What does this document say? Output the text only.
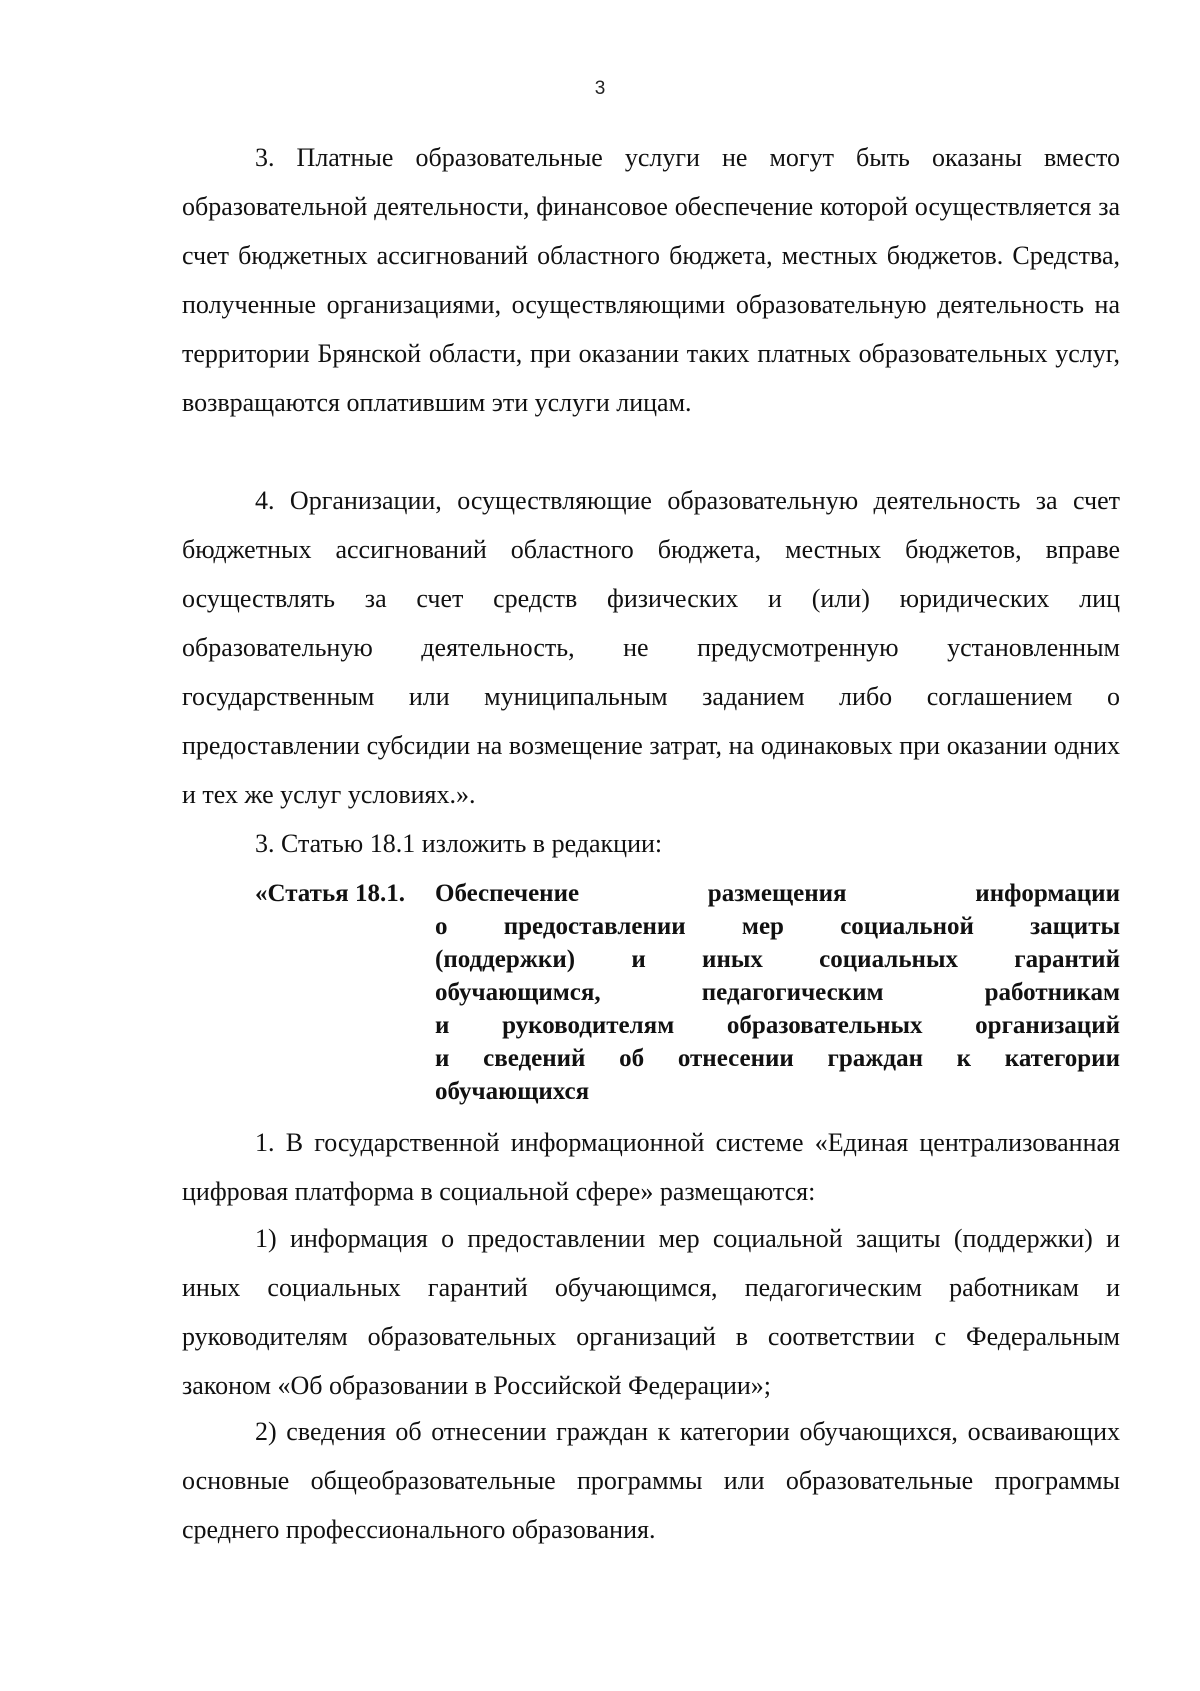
3

3. Платные образовательные услуги не могут быть оказаны вместо образовательной деятельности, финансовое обеспечение которой осуществляется за счет бюджетных ассигнований областного бюджета, местных бюджетов. Средства, полученные организациями, осуществляющими образовательную деятельность на территории Брянской области, при оказании таких платных образовательных услуг, возвращаются оплатившим эти услуги лицам.

4. Организации, осуществляющие образовательную деятельность за счет бюджетных ассигнований областного бюджета, местных бюджетов, вправе осуществлять за счет средств физических и (или) юридических лиц образовательную деятельность, не предусмотренную установленным государственным или муниципальным заданием либо соглашением о предоставлении субсидии на возмещение затрат, на одинаковых при оказании одних и тех же услуг условиях.».

3. Статью 18.1 изложить в редакции:

«Статья 18.1.	Обеспечение размещения информации
о предоставлении мер социальной защиты
(поддержки) и иных социальных гарантий
обучающимся, педагогическим работникам
и руководителям образовательных организаций
и сведений об отнесении граждан к категории
обучающихся

1. В государственной информационной системе «Единая централизованная цифровая платформа в социальной сфере» размещаются:

1) информация о предоставлении мер социальной защиты (поддержки) и иных социальных гарантий обучающимся, педагогическим работникам и руководителям образовательных организаций в соответствии с Федеральным законом «Об образовании в Российской Федерации»;

2) сведения об отнесении граждан к категории обучающихся, осваивающих основные общеобразовательные программы или образовательные программы среднего профессионального образования.
